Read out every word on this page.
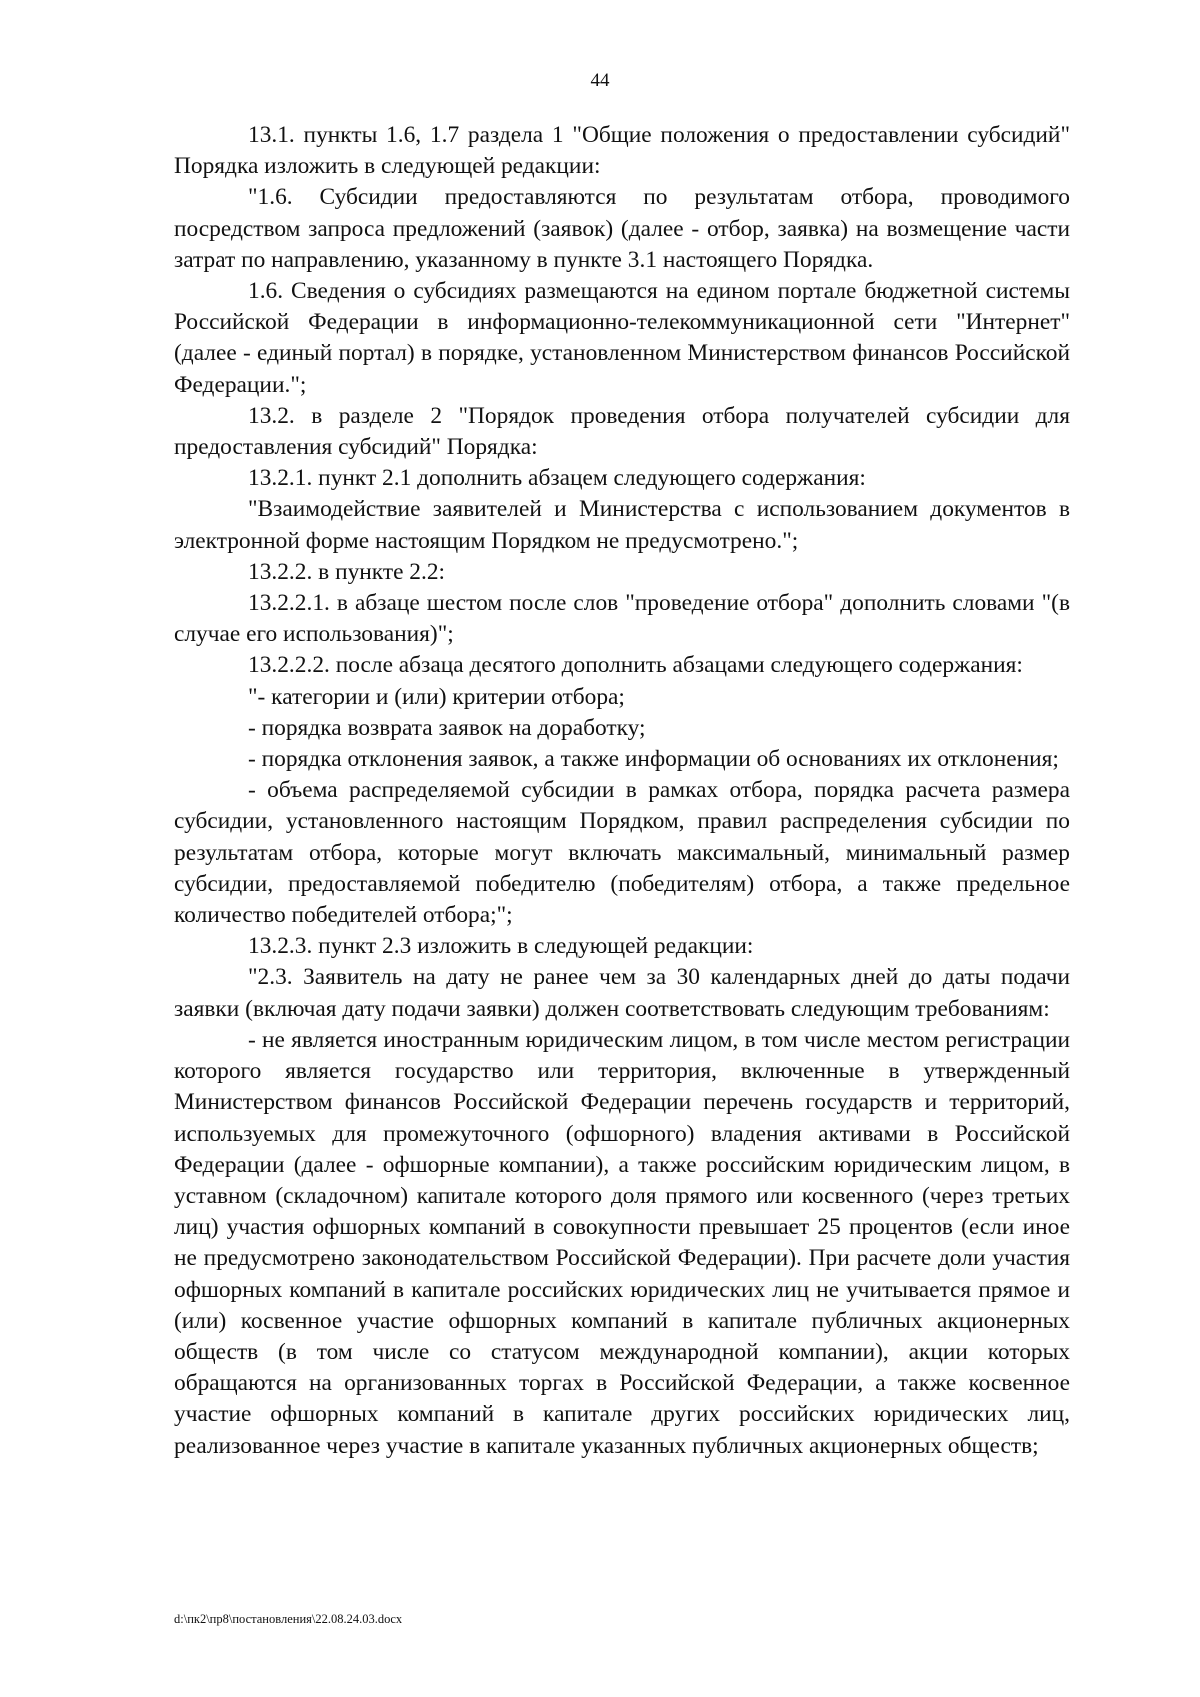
44

13.1. пункты 1.6, 1.7 раздела 1 "Общие положения о предоставлении субсидий" Порядка изложить в следующей редакции:

"1.6. Субсидии предоставляются по результатам отбора, проводимого посредством запроса предложений (заявок) (далее - отбор, заявка) на возмещение части затрат по направлению, указанному в пункте 3.1 настоящего Порядка.

1.6. Сведения о субсидиях размещаются на едином портале бюджетной системы Российской Федерации в информационно-телекоммуникационной сети "Интернет" (далее - единый портал) в порядке, установленном Министерством финансов Российской Федерации.";

13.2. в разделе 2 "Порядок проведения отбора получателей субсидии для предоставления субсидий" Порядка:

13.2.1. пункт 2.1 дополнить абзацем следующего содержания:

"Взаимодействие заявителей и Министерства с использованием документов в электронной форме настоящим Порядком не предусмотрено.";

13.2.2. в пункте 2.2:

13.2.2.1. в абзаце шестом после слов "проведение отбора" дополнить словами "(в случае его использования)";

13.2.2.2. после абзаца десятого дополнить абзацами следующего содержания:

"- категории и (или) критерии отбора;

- порядка возврата заявок на доработку;

- порядка отклонения заявок, а также информации об основаниях их отклонения;

- объема распределяемой субсидии в рамках отбора, порядка расчета размера субсидии, установленного настоящим Порядком, правил распределения субсидии по результатам отбора, которые могут включать максимальный, минимальный размер субсидии, предоставляемой победителю (победителям) отбора, а также предельное количество победителей отбора;";

13.2.3. пункт 2.3 изложить в следующей редакции:

"2.3. Заявитель на дату не ранее чем за 30 календарных дней до даты подачи заявки (включая дату подачи заявки) должен соответствовать следующим требованиям:

- не является иностранным юридическим лицом, в том числе местом регистрации которого является государство или территория, включенные в утвержденный Министерством финансов Российской Федерации перечень государств и территорий, используемых для промежуточного (офшорного) владения активами в Российской Федерации (далее - офшорные компании), а также российским юридическим лицом, в уставном (складочном) капитале которого доля прямого или косвенного (через третьих лиц) участия офшорных компаний в совокупности превышает 25 процентов (если иное не предусмотрено законодательством Российской Федерации). При расчете доли участия офшорных компаний в капитале российских юридических лиц не учитывается прямое и (или) косвенное участие офшорных компаний в капитале публичных акционерных обществ (в том числе со статусом международной компании), акции которых обращаются на организованных торгах в Российской Федерации, а также косвенное участие офшорных компаний в капитале других российских юридических лиц, реализованное через участие в капитале указанных публичных акционерных обществ;

d:\пк2\пр8\постановления\22.08.24.03.docx
